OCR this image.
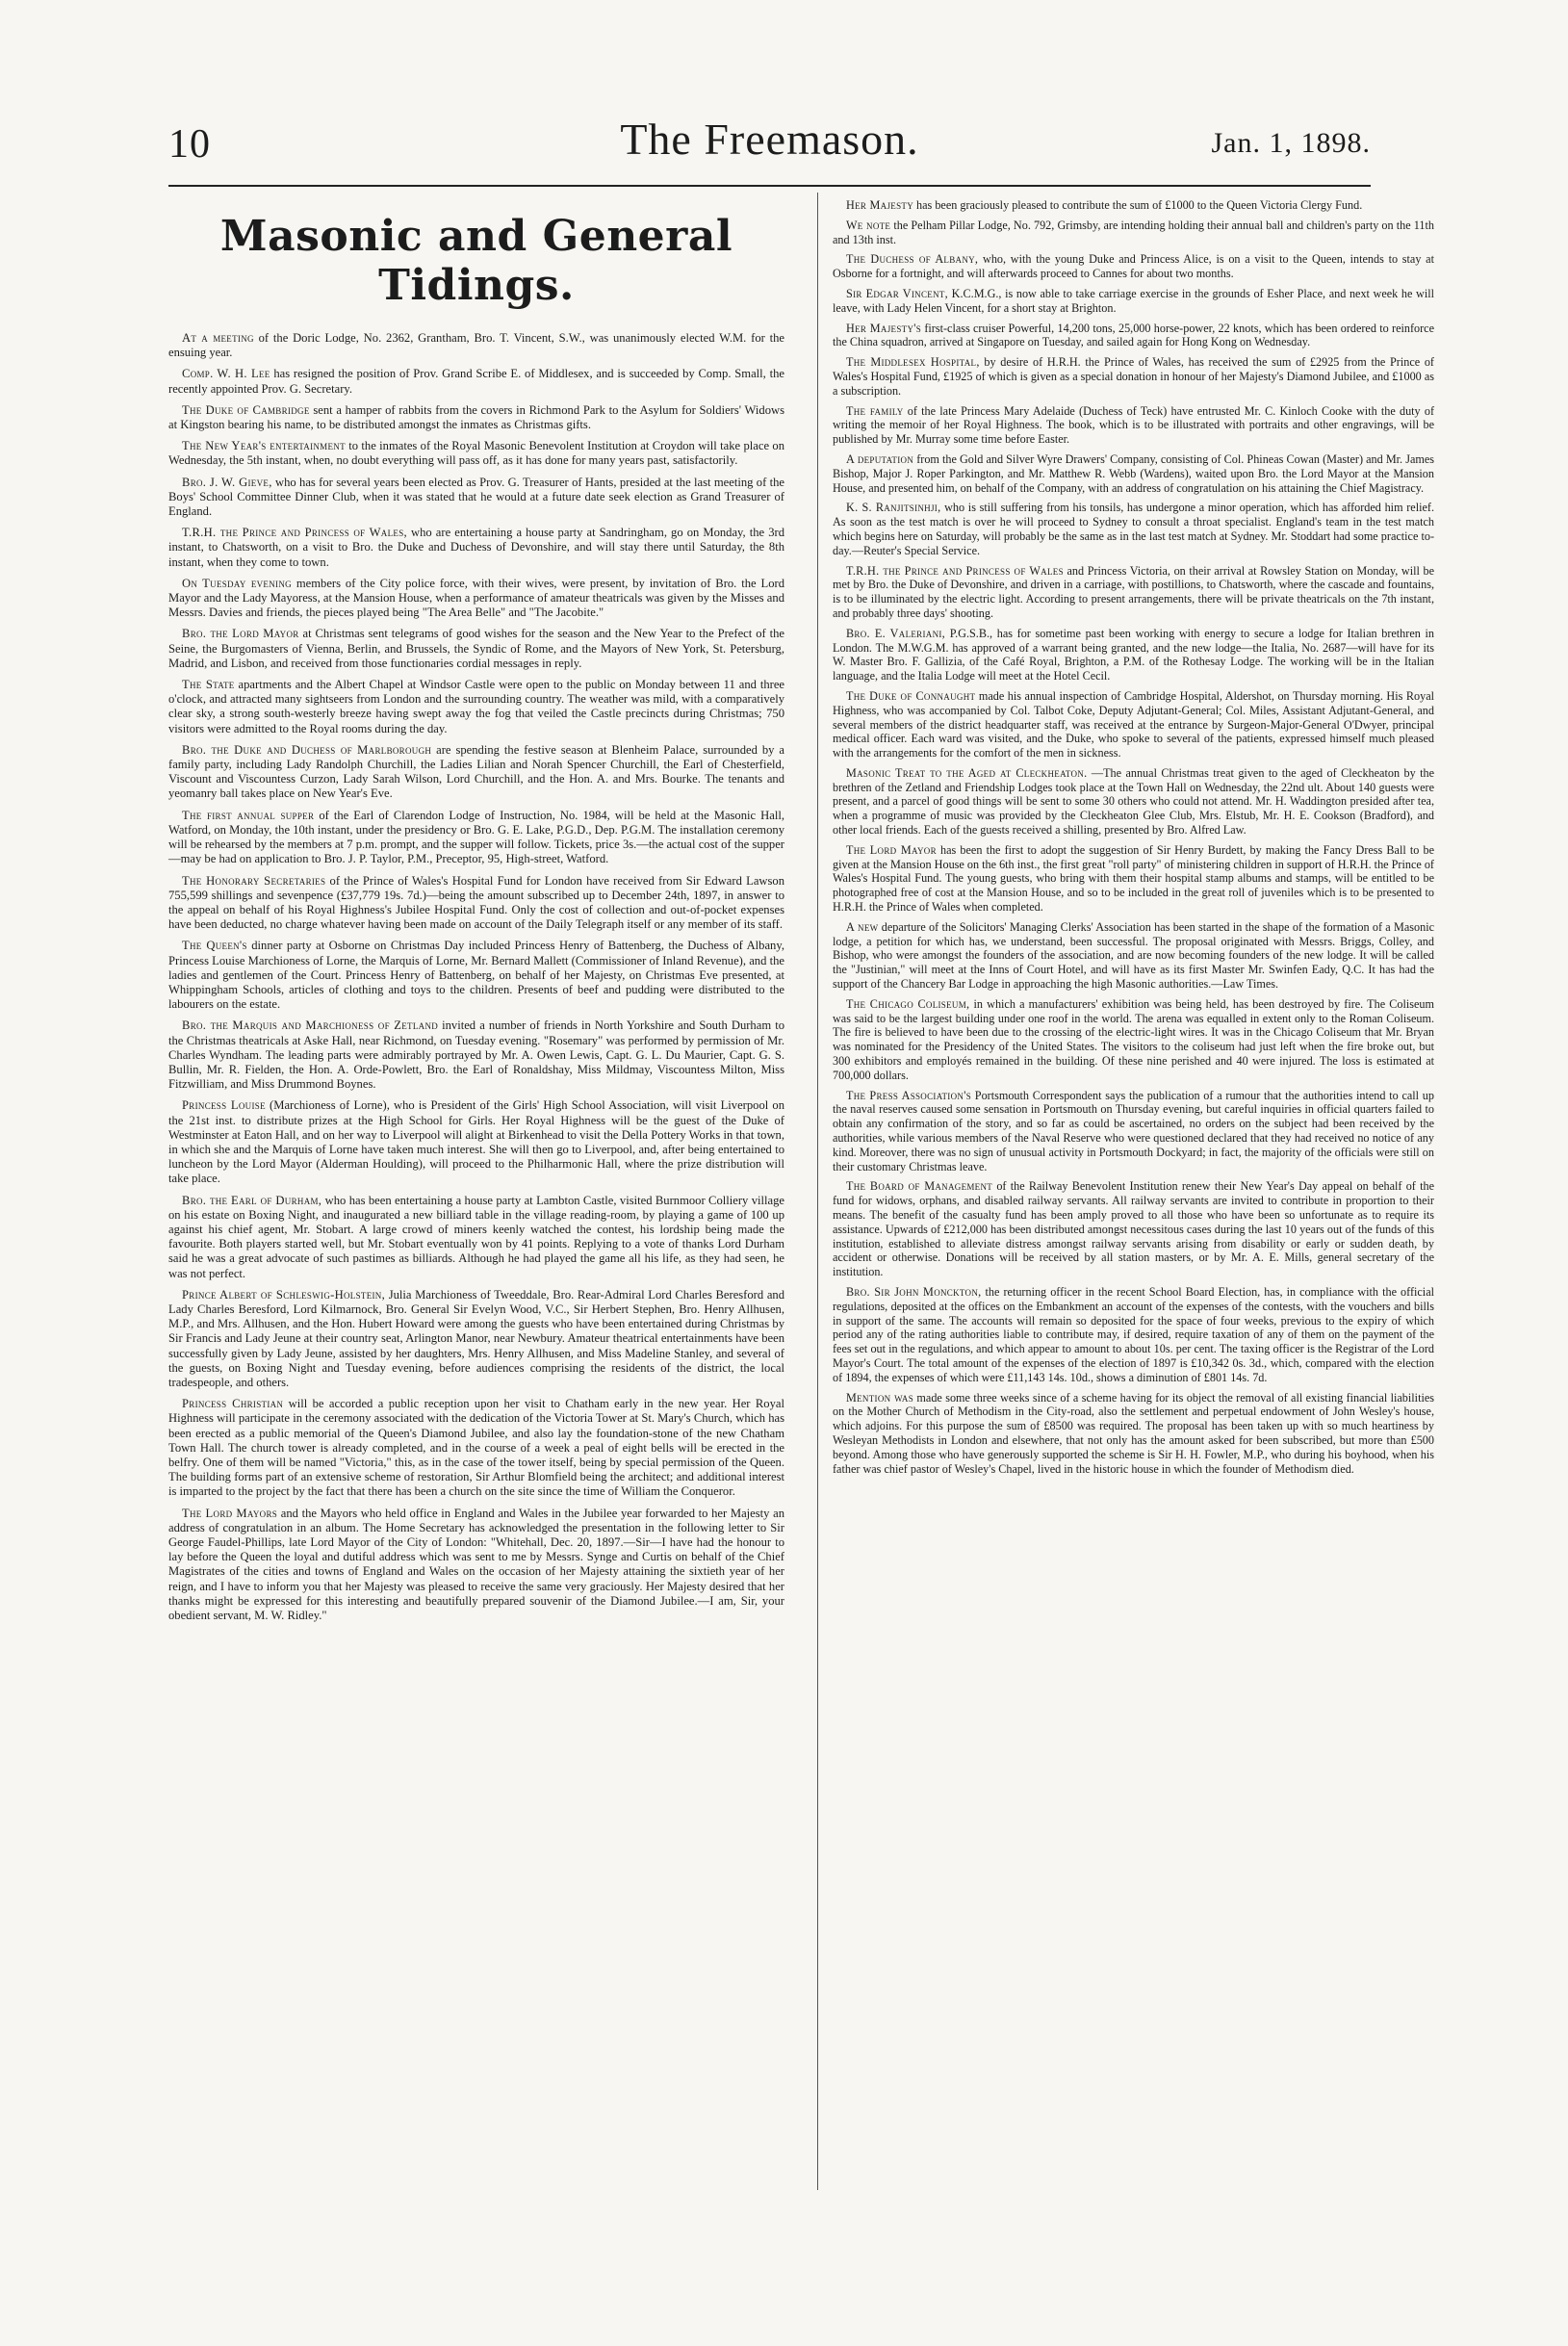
10	The Freemason.	Jan. 1, 1898.
Masonic and General Tidings.

At a meeting of the Doric Lodge, No. 2362, Grantham, Bro. T. Vincent, S.W., was unanimously elected W.M. for the ensuing year.

Comp. W. H. Lee has resigned the position of Prov. Grand Scribe E. of Middlesex, and is succeeded by Comp. Small, the recently appointed Prov. G. Secretary.

The Duke of Cambridge sent a hamper of rabbits from the covers in Richmond Park to the Asylum for Soldiers' Widows at Kingston bearing his name, to be distributed amongst the inmates as Christmas gifts.

The New Year's entertainment to the inmates of the Royal Masonic Benevolent Institution at Croydon will take place on Wednesday, the 5th instant, when, no doubt everything will pass off, as it has done for many years past, satisfactorily.

Bro. J. W. Gieve, who has for several years been elected as Prov. G. Treasurer of Hants, presided at the last meeting of the Boys' School Committee Dinner Club, when it was stated that he would at a future date seek election as Grand Treasurer of England.

T.R.H. the Prince and Princess of Wales, who are entertaining a house party at Sandringham, go on Monday, the 3rd instant, to Chatsworth, on a visit to Bro. the Duke and Duchess of Devonshire, and will stay there until Saturday, the 8th instant, when they come to town.

On Tuesday evening members of the City police force, with their wives, were present, by invitation of Bro. the Lord Mayor and the Lady Mayoress, at the Mansion House, when a performance of amateur theatricals was given by the Misses and Messrs. Davies and friends, the pieces played being "The Area Belle" and "The Jacobite."

Bro. the Lord Mayor at Christmas sent telegrams of good wishes for the season and the New Year to the Prefect of the Seine, the Burgomasters of Vienna, Berlin, and Brussels, the Syndic of Rome, and the Mayors of New York, St. Petersburg, Madrid, and Lisbon, and received from those functionaries cordial messages in reply.

The State apartments and the Albert Chapel at Windsor Castle were open to the public on Monday between 11 and three o'clock, and attracted many sightseers from London and the surrounding country. The weather was mild, with a comparatively clear sky, a strong south-westerly breeze having swept away the fog that veiled the Castle precincts during Christmas; 750 visitors were admitted to the Royal rooms during the day.

Bro. the Duke and Duchess of Marlborough are spending the festive season at Blenheim Palace, surrounded by a family party, including Lady Randolph Churchill, the Ladies Lilian and Norah Spencer Churchill, the Earl of Chesterfield, Viscount and Viscountess Curzon, Lady Sarah Wilson, Lord Churchill, and the Hon. A. and Mrs. Bourke. The tenants and yeomanry ball takes place on New Year's Eve.

The first annual supper of the Earl of Clarendon Lodge of Instruction, No. 1984, will be held at the Masonic Hall, Watford, on Monday, the 10th instant, under the presidency or Bro. G. E. Lake, P.G.D., Dep. P.G.M. The installation ceremony will be rehearsed by the members at 7 p.m. prompt, and the supper will follow. Tickets, price 3s.—the actual cost of the supper—may be had on application to Bro. J. P. Taylor, P.M., Preceptor, 95, High-street, Watford.

The Honorary Secretaries of the Prince of Wales's Hospital Fund for London have received from Sir Edward Lawson 755,599 shillings and sevenpence (£37,779 19s. 7d.)—being the amount subscribed up to December 24th, 1897, in answer to the appeal on behalf of his Royal Highness's Jubilee Hospital Fund. Only the cost of collection and out-of-pocket expenses have been deducted, no charge whatever having been made on account of the Daily Telegraph itself or any member of its staff.

The Queen's dinner party at Osborne on Christmas Day included Princess Henry of Battenberg, the Duchess of Albany, Princess Louise Marchioness of Lorne, the Marquis of Lorne, Mr. Bernard Mallett (Commissioner of Inland Revenue), and the ladies and gentlemen of the Court. Princess Henry of Battenberg, on behalf of her Majesty, on Christmas Eve presented, at Whippingham Schools, articles of clothing and toys to the children. Presents of beef and pudding were distributed to the labourers on the estate.

Bro. the Marquis and Marchioness of Zetland invited a number of friends in North Yorkshire and South Durham to the Christmas theatricals at Aske Hall, near Richmond, on Tuesday evening. "Rosemary" was performed by permission of Mr. Charles Wyndham. The leading parts were admirably portrayed by Mr. A. Owen Lewis, Capt. G. L. Du Maurier, Capt. G. S. Bullin, Mr. R. Fielden, the Hon. A. Orde-Powlett, Bro. the Earl of Ronaldshay, Miss Mildmay, Viscountess Milton, Miss Fitzwilliam, and Miss Drummond Boynes.

Princess Louise (Marchioness of Lorne), who is President of the Girls' High School Association, will visit Liverpool on the 21st inst. to distribute prizes at the High School for Girls. Her Royal Highness will be the guest of the Duke of Westminster at Eaton Hall, and on her way to Liverpool will alight at Birkenhead to visit the Della Pottery Works in that town, in which she and the Marquis of Lorne have taken much interest. She will then go to Liverpool, and, after being entertained to luncheon by the Lord Mayor (Alderman Houlding), will proceed to the Philharmonic Hall, where the prize distribution will take place.

Bro. the Earl of Durham, who has been entertaining a house party at Lambton Castle, visited Burnmoor Colliery village on his estate on Boxing Night, and inaugurated a new billiard table in the village reading-room, by playing a game of 100 up against his chief agent, Mr. Stobart. A large crowd of miners keenly watched the contest, his lordship being made the favourite. Both players started well, but Mr. Stobart eventually won by 41 points. Replying to a vote of thanks Lord Durham said he was a great advocate of such pastimes as billiards. Although he had played the game all his life, as they had seen, he was not perfect.

Prince Albert of Schleswig-Holstein, Julia Marchioness of Tweeddale, Bro. Rear-Admiral Lord Charles Beresford and Lady Charles Beresford, Lord Kilmarnock, Bro. General Sir Evelyn Wood, V.C., Sir Herbert Stephen, Bro. Henry Allhusen, M.P., and Mrs. Allhusen, and the Hon. Hubert Howard were among the guests who have been entertained during Christmas by Sir Francis and Lady Jeune at their country seat, Arlington Manor, near Newbury. Amateur theatrical entertainments have been successfully given by Lady Jeune, assisted by her daughters, Mrs. Henry Allhusen, and Miss Madeline Stanley, and several of the guests, on Boxing Night and Tuesday evening, before audiences comprising the residents of the district, the local tradespeople, and others.

Princess Christian will be accorded a public reception upon her visit to Chatham early in the new year. Her Royal Highness will participate in the ceremony associated with the dedication of the Victoria Tower at St. Mary's Church, which has been erected as a public memorial of the Queen's Diamond Jubilee, and also lay the foundation-stone of the new Chatham Town Hall. The church tower is already completed, and in the course of a week a peal of eight bells will be erected in the belfry. One of them will be named "Victoria," this, as in the case of the tower itself, being by special permission of the Queen. The building forms part of an extensive scheme of restoration, Sir Arthur Blomfield being the architect; and additional interest is imparted to the project by the fact that there has been a church on the site since the time of William the Conqueror.

The Lord Mayors and the Mayors who held office in England and Wales in the Jubilee year forwarded to her Majesty an address of congratulation in an album. The Home Secretary has acknowledged the presentation in the following letter to Sir George Faudel-Phillips, late Lord Mayor of the City of London: "Whitehall, Dec. 20, 1897.—Sir—I have had the honour to lay before the Queen the loyal and dutiful address which was sent to me by Messrs. Synge and Curtis on behalf of the Chief Magistrates of the cities and towns of England and Wales on the occasion of her Majesty attaining the sixtieth year of her reign, and I have to inform you that her Majesty was pleased to receive the same very graciously. Her Majesty desired that her thanks might be expressed for this interesting and beautifully prepared souvenir of the Diamond Jubilee.—I am, Sir, your obedient servant, M. W. Ridley."

Her Majesty has been graciously pleased to contribute the sum of £1000 to the Queen Victoria Clergy Fund.

We note the Pelham Pillar Lodge, No. 792, Grimsby, are intending holding their annual ball and children's party on the 11th and 13th inst.

The Duchess of Albany, who, with the young Duke and Princess Alice, is on a visit to the Queen, intends to stay at Osborne for a fortnight, and will afterwards proceed to Cannes for about two months.

Sir Edgar Vincent, K.C.M.G., is now able to take carriage exercise in the grounds of Esher Place, and next week he will leave, with Lady Helen Vincent, for a short stay at Brighton.

Her Majesty's first-class cruiser Powerful, 14,200 tons, 25,000 horse-power, 22 knots, which has been ordered to reinforce the China squadron, arrived at Singapore on Tuesday, and sailed again for Hong Kong on Wednesday.

The Middlesex Hospital, by desire of H.R.H. the Prince of Wales, has received the sum of £2925 from the Prince of Wales's Hospital Fund, £1925 of which is given as a special donation in honour of her Majesty's Diamond Jubilee, and £1000 as a subscription.

The family of the late Princess Mary Adelaide (Duchess of Teck) have entrusted Mr. C. Kinloch Cooke with the duty of writing the memoir of her Royal Highness. The book, which is to be illustrated with portraits and other engravings, will be published by Mr. Murray some time before Easter.

A deputation from the Gold and Silver Wyre Drawers' Company, consisting of Col. Phineas Cowan (Master) and Mr. James Bishop, Major J. Roper Parkington, and Mr. Matthew R. Webb (Wardens), waited upon Bro. the Lord Mayor at the Mansion House, and presented him, on behalf of the Company, with an address of congratulation on his attaining the Chief Magistracy.

K. S. Ranjitsinhji, who is still suffering from his tonsils, has undergone a minor operation, which has afforded him relief. As soon as the test match is over he will proceed to Sydney to consult a throat specialist. England's team in the test match which begins here on Saturday, will probably be the same as in the last test match at Sydney. Mr. Stoddart had some practice to-day.—Reuter's Special Service.

T.R.H. the Prince and Princess of Wales and Princess Victoria, on their arrival at Rowsley Station on Monday, will be met by Bro. the Duke of Devonshire, and driven in a carriage, with postillions, to Chatsworth, where the cascade and fountains, is to be illuminated by the electric light. According to present arrangements, there will be private theatricals on the 7th instant, and probably three days' shooting.

Bro. E. Valeriani, P.G.S.B., has for sometime past been working with energy to secure a lodge for Italian brethren in London. The M.W.G.M. has approved of a warrant being granted, and the new lodge—the Italia, No. 2687—will have for its W. Master Bro. F. Gallizia, of the Café Royal, Brighton, a P.M. of the Rothesay Lodge. The working will be in the Italian language, and the Italia Lodge will meet at the Hotel Cecil.

The Duke of Connaught made his annual inspection of Cambridge Hospital, Aldershot, on Thursday morning. His Royal Highness, who was accompanied by Col. Talbot Coke, Deputy Adjutant-General; Col. Miles, Assistant Adjutant-General, and several members of the district headquarter staff, was received at the entrance by Surgeon-Major-General O'Dwyer, principal medical officer. Each ward was visited, and the Duke, who spoke to several of the patients, expressed himself much pleased with the arrangements for the comfort of the men in sickness.

Masonic Treat to the Aged at Cleckheaton. —The annual Christmas treat given to the aged of Cleckheaton by the brethren of the Zetland and Friendship Lodges took place at the Town Hall on Wednesday, the 22nd ult. About 140 guests were present, and a parcel of good things will be sent to some 30 others who could not attend. Mr. H. Waddington presided after tea, when a programme of music was provided by the Cleckheaton Glee Club, Mrs. Elstub, Mr. H. E. Cookson (Bradford), and other local friends. Each of the guests received a shilling, presented by Bro. Alfred Law.

The Lord Mayor has been the first to adopt the suggestion of Sir Henry Burdett, by making the Fancy Dress Ball to be given at the Mansion House on the 6th inst., the first great "roll party" of ministering children in support of H.R.H. the Prince of Wales's Hospital Fund. The young guests, who bring with them their hospital stamp albums and stamps, will be entitled to be photographed free of cost at the Mansion House, and so to be included in the great roll of juveniles which is to be presented to H.R.H. the Prince of Wales when completed.

A new departure of the Solicitors' Managing Clerks' Association has been started in the shape of the formation of a Masonic lodge, a petition for which has, we understand, been successful. The proposal originated with Messrs. Briggs, Colley, and Bishop, who were amongst the founders of the association, and are now becoming founders of the new lodge. It will be called the "Justinian," will meet at the Inns of Court Hotel, and will have as its first Master Mr. Swinfen Eady, Q.C. It has had the support of the Chancery Bar Lodge in approaching the high Masonic authorities.—Law Times.

The Chicago Coliseum, in which a manufacturers' exhibition was being held, has been destroyed by fire. The Coliseum was said to be the largest building under one roof in the world. The arena was equalled in extent only to the Roman Coliseum. The fire is believed to have been due to the crossing of the electric-light wires. It was in the Chicago Coliseum that Mr. Bryan was nominated for the Presidency of the United States. The visitors to the coliseum had just left when the fire broke out, but 300 exhibitors and employés remained in the building. Of these nine perished and 40 were injured. The loss is estimated at 700,000 dollars.

The Press Association's Portsmouth Correspondent says the publication of a rumour that the authorities intend to call up the naval reserves caused some sensation in Portsmouth on Thursday evening, but careful inquiries in official quarters failed to obtain any confirmation of the story, and so far as could be ascertained, no orders on the subject had been received by the authorities, while various members of the Naval Reserve who were questioned declared that they had received no notice of any kind. Moreover, there was no sign of unusual activity in Portsmouth Dockyard; in fact, the majority of the officials were still on their customary Christmas leave.

The Board of Management of the Railway Benevolent Institution renew their New Year's Day appeal on behalf of the fund for widows, orphans, and disabled railway servants. All railway servants are invited to contribute in proportion to their means. The benefit of the casualty fund has been amply proved to all those who have been so unfortunate as to require its assistance. Upwards of £212,000 has been distributed amongst necessitous cases during the last 10 years out of the funds of this institution, established to alleviate distress amongst railway servants arising from disability or early or sudden death, by accident or otherwise. Donations will be received by all station masters, or by Mr. A. E. Mills, general secretary of the institution.

Bro. Sir John Monckton, the returning officer in the recent School Board Election, has, in compliance with the official regulations, deposited at the offices on the Embankment an account of the expenses of the contests, with the vouchers and bills in support of the same. The accounts will remain so deposited for the space of four weeks, previous to the expiry of which period any of the rating authorities liable to contribute may, if desired, require taxation of any of them on the payment of the fees set out in the regulations, and which appear to amount to about 10s. per cent. The taxing officer is the Registrar of the Lord Mayor's Court. The total amount of the expenses of the election of 1897 is £10,342 0s. 3d., which, compared with the election of 1894, the expenses of which were £11,143 14s. 10d., shows a diminution of £801 14s. 7d.

Mention was made some three weeks since of a scheme having for its object the removal of all existing financial liabilities on the Mother Church of Methodism in the City-road, also the settlement and perpetual endowment of John Wesley's house, which adjoins. For this purpose the sum of £8500 was required. The proposal has been taken up with so much heartiness by Wesleyan Methodists in London and elsewhere, that not only has the amount asked for been subscribed, but more than £500 beyond. Among those who have generously supported the scheme is Sir H. H. Fowler, M.P., who during his boyhood, when his father was chief pastor of Wesley's Chapel, lived in the historic house in which the founder of Methodism died.
